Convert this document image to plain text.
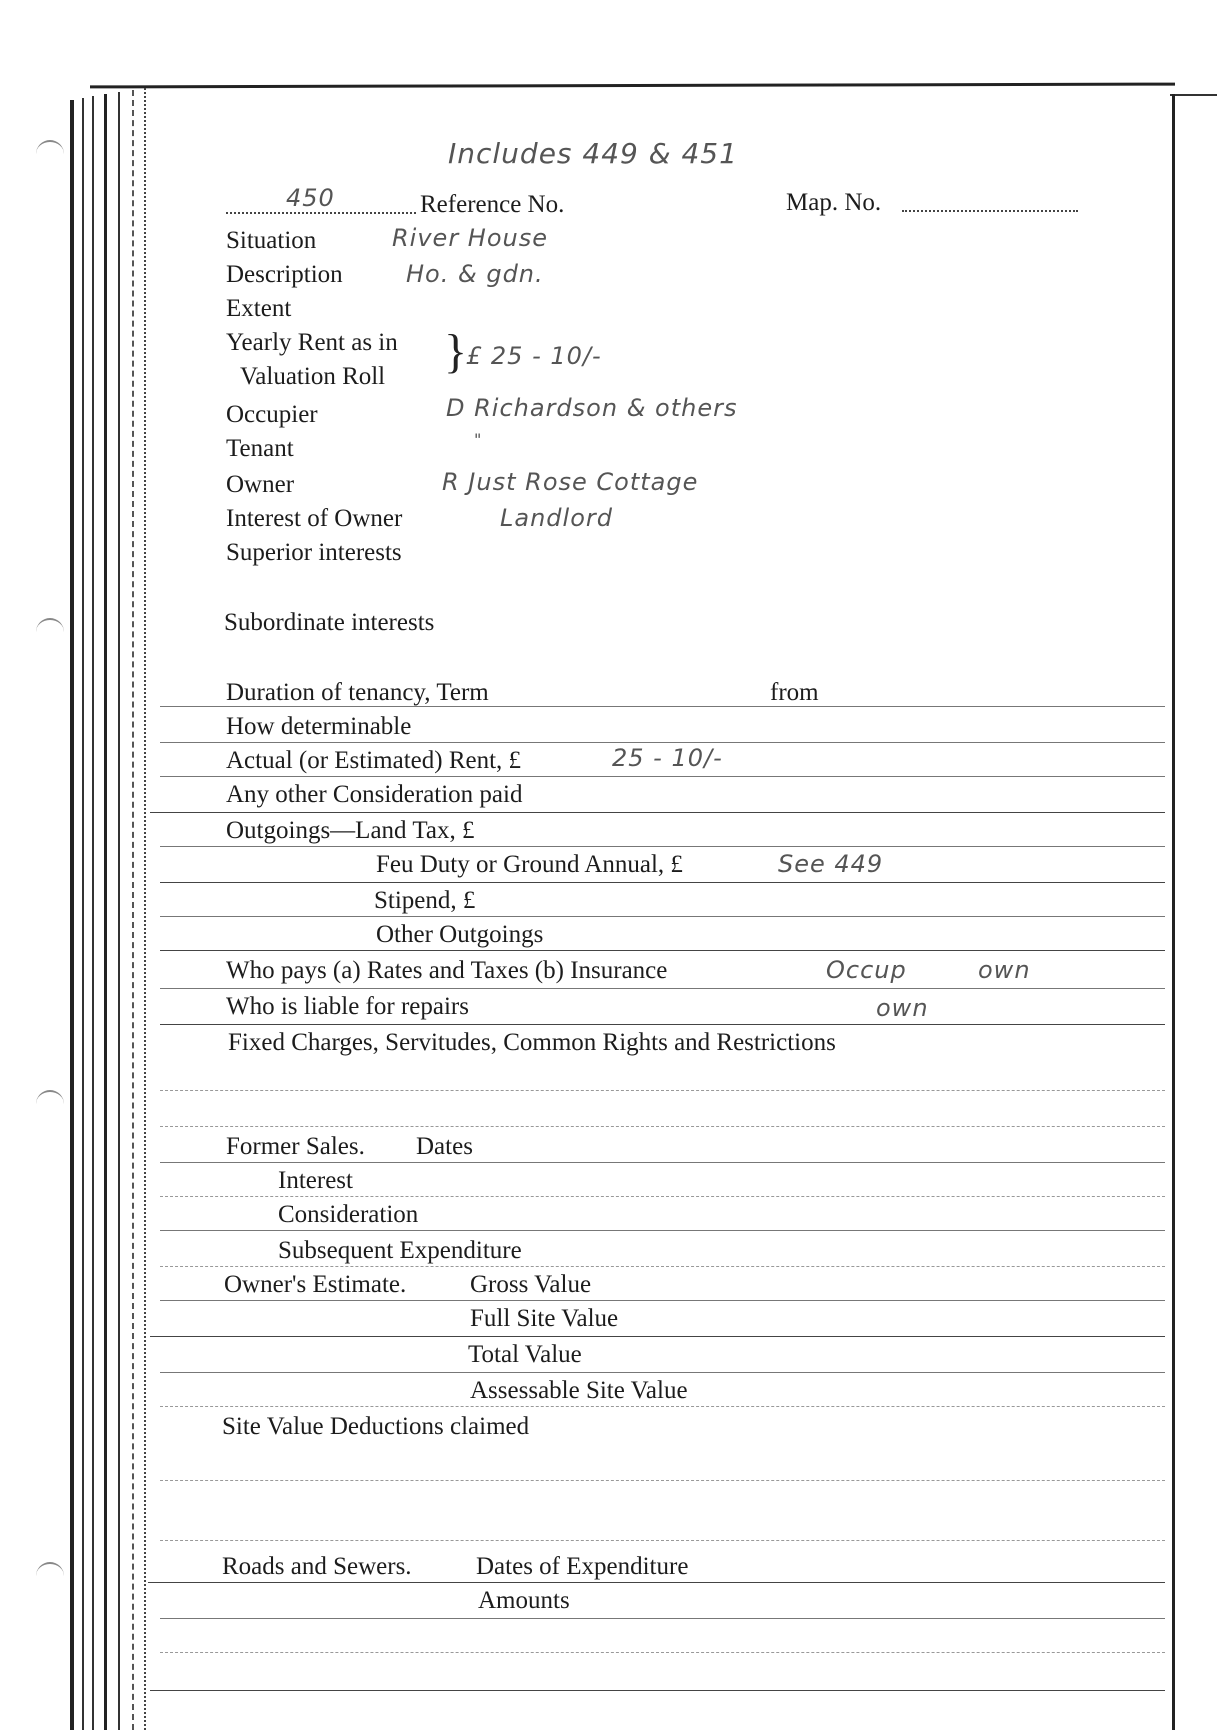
Includes 449 & 451
450	Reference No.	Map. No.
Situation	River House
Description	Ho. & gdn.
Extent
Yearly Rent as in
Valuation Roll }
£ 25 - 10/-
Occupier	D Richardson & others
Tenant	"
Owner	R Just Rose Cottage
Interest of Owner	Landlord
Superior interests
Subordinate interests
Duration of tenancy, Term	from
How determinable
Actual (or Estimated) Rent, £	25 - 10/-
Any other Consideration paid
Outgoings—Land Tax, £
Feu Duty or Ground Annual, £	See 449
Stipend, £
Other Outgoings
Who pays (a) Rates and Taxes (b) Insurance	Occup	own
Who is liable for repairs	own
Fixed Charges, Servitudes, Common Rights and Restrictions
Former Sales. Dates
Interest
Consideration
Subsequent Expenditure
Owner's Estimate.	Gross Value
Full Site Value
Total Value
Assessable Site Value
Site Value Deductions claimed
Roads and Sewers.	Dates of Expenditure
Amounts
